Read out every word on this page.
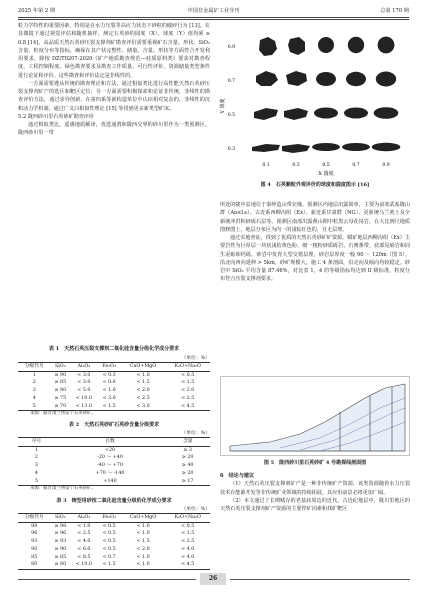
2025 年第 2 期	中国非金属矿工业导刊	总第 170 期

粒力学特性的重要因素，特别是在水力压裂等高应力状态下砂粒的破碎行为 [13]。在显微镜下通过视觉评估和随机抽样，测定石英砂的圆度（X）、球度（Y）值均须 ≥ 0.8 [14]。高品质天然石英砂压裂支撑剂矿勘查评价需要重视矿石含量、形状、SiO₂ 含量、粒度分布等指标，确保在其产状完整性、储量、含量、形状等方面符合开发利用要求，除按 DZ/T0207-2020《矿产地质勘查规范—硅质原料类》要求对勘查程度、工程控制程度、绿色勘查要求及勘查工作质量、可行性评价、资源储量类型条件进行论证和评价。这些勘查和评价法定是非线性的，

一方面需要遵从传统的勘查理论和方法，通过相似类比进行高性能天然石英砂压裂支撑剂矿产的选区和靶区定位；另一方面需要积极探索和论证非传统、非线性的勘查评价方法，通过求异创新，在第四系等新构造单位中认识相对复杂的、非线性的沉积动力学机制，通过广义白相似性理论 [15] 等找到更多新类型矿床。

5.2 陇西砂川里石英砂矿勘查评价

通过相似类比，遥感地质解译，优选通渭和陇西交界的砂川里作为一类预测区。陇西砂川里一带

表 1　天然石英压裂支撑剂二氧化硅含量分级化学成分要求
（单位：%）
分级代号	SiO₂	Al₂O₃	Fe₂O₃	CaO+MgO	K₂O+Na₂O
1	≥ 90	< 3.0	< 0.3	< 1.0	< 0.5
2	≥ 85	< 3.0	< 0.6	< 1.5	< 1.5
3	≥ 80	< 5.0	< 1.0	< 2.0	< 2.0
4	≥ 75	< 10.0	< 3.0	< 2.5	< 2.5
5	≥ 70	< 13.0	< 1.5	< 3.0	< 4.5
来源：据甘肃兰州安宁石英砂矿。
表 2　天然石英砂矿石英砂含量分级要求
（单位：%）
序号	目数	含量
1	+20	≥ 3
2	-20 ～ +40	≥ 20
3	-40 ～ +70	≥ 40
4	+70 ～ -140	≥ 20
5	+140	≥ 17
来源：据甘肃兰州安宁石英砂矿。
表 3　铸型用砂按二氧化硅含量分级的化学成分要求
（单位：%）
分级代号	SiO₂	Al₂O₃	Fe₂O₃	CaO+MgO	K₂O+Na₂O
98	≥ 98	< 1.0	< 0.5	< 1.0	< 0.5
96	≥ 96	< 2.5	< 0.5	< 1.0	< 1.5
93	≥ 93	< 4.0	< 0.5	< 1.5	< 2.5
90	≥ 90	< 6.0	< 0.5	< 2.0	< 4.0
85	≥ 85	< 8.5	< 0.7	< 1.0	< 4.0
80	≥ 80	< 10.0	< 1.5	< 1.0	< 4.5
Y 球度
0.9
0.7
0.5
0.3
0.1	0.3	0.5	0.7	0.9
X 圆度
图 4　石英颗粒外观评价的球度和圆度图示 [16]

所处的陇中盆地位于秦岭造山带北缘，预测区内地层出露简单，主要为前寒武系陇山群（An∈Ls）、古近系西柳沟组（Ex）、新近系甘肃群（NG）、更新统马兰黄土及全新统冲洪积砂砾石层等。预测区南部出露燕山期中粒黑云母花岗岩，在大比例尺地质图修图上，地层分布区为内一的浅棕红色的，且无层理。

通过实地查证，找到了优质的天然石英砂矿矿资源。赋矿地层西柳沟组（Ex）主要岩性为巨厚层一块状浅桔黄色粉、细一粗粉砂质砾岩、石膏条带，底部见砾岩和同生泥砾和钙砾。砂岩中发育大型交错层理，砂岩层厚度一般 90 ～ 120m（图 5）。沿北向西向延伸 > 5km，砂矿规模大，施工 4 条剖面，沿走向及倾向均较稳定。砂岩中 SiO₂ 平均含量 87.46%，对比表 1，4 的等级指标均达到 II 级标准，粒度分布符合压裂支撑剂要求。

图 5　陇西砂川里石英砂矿 4 号勘探线剖面图

6　结论与建议

（1）天然石英压裂支撑剂矿产是一种非传统矿产资源，该类资源随着水力压裂技术在能源开发等非传统矿业领域的持续拓展，其应用前景必将更加广阔。

（2）本文通过了长期赋存的老基底周边的近代、古近纪地层中，陇川里地区的天然石英压裂支撑剂矿产资源的主要控矿因素和找矿靶区

26
